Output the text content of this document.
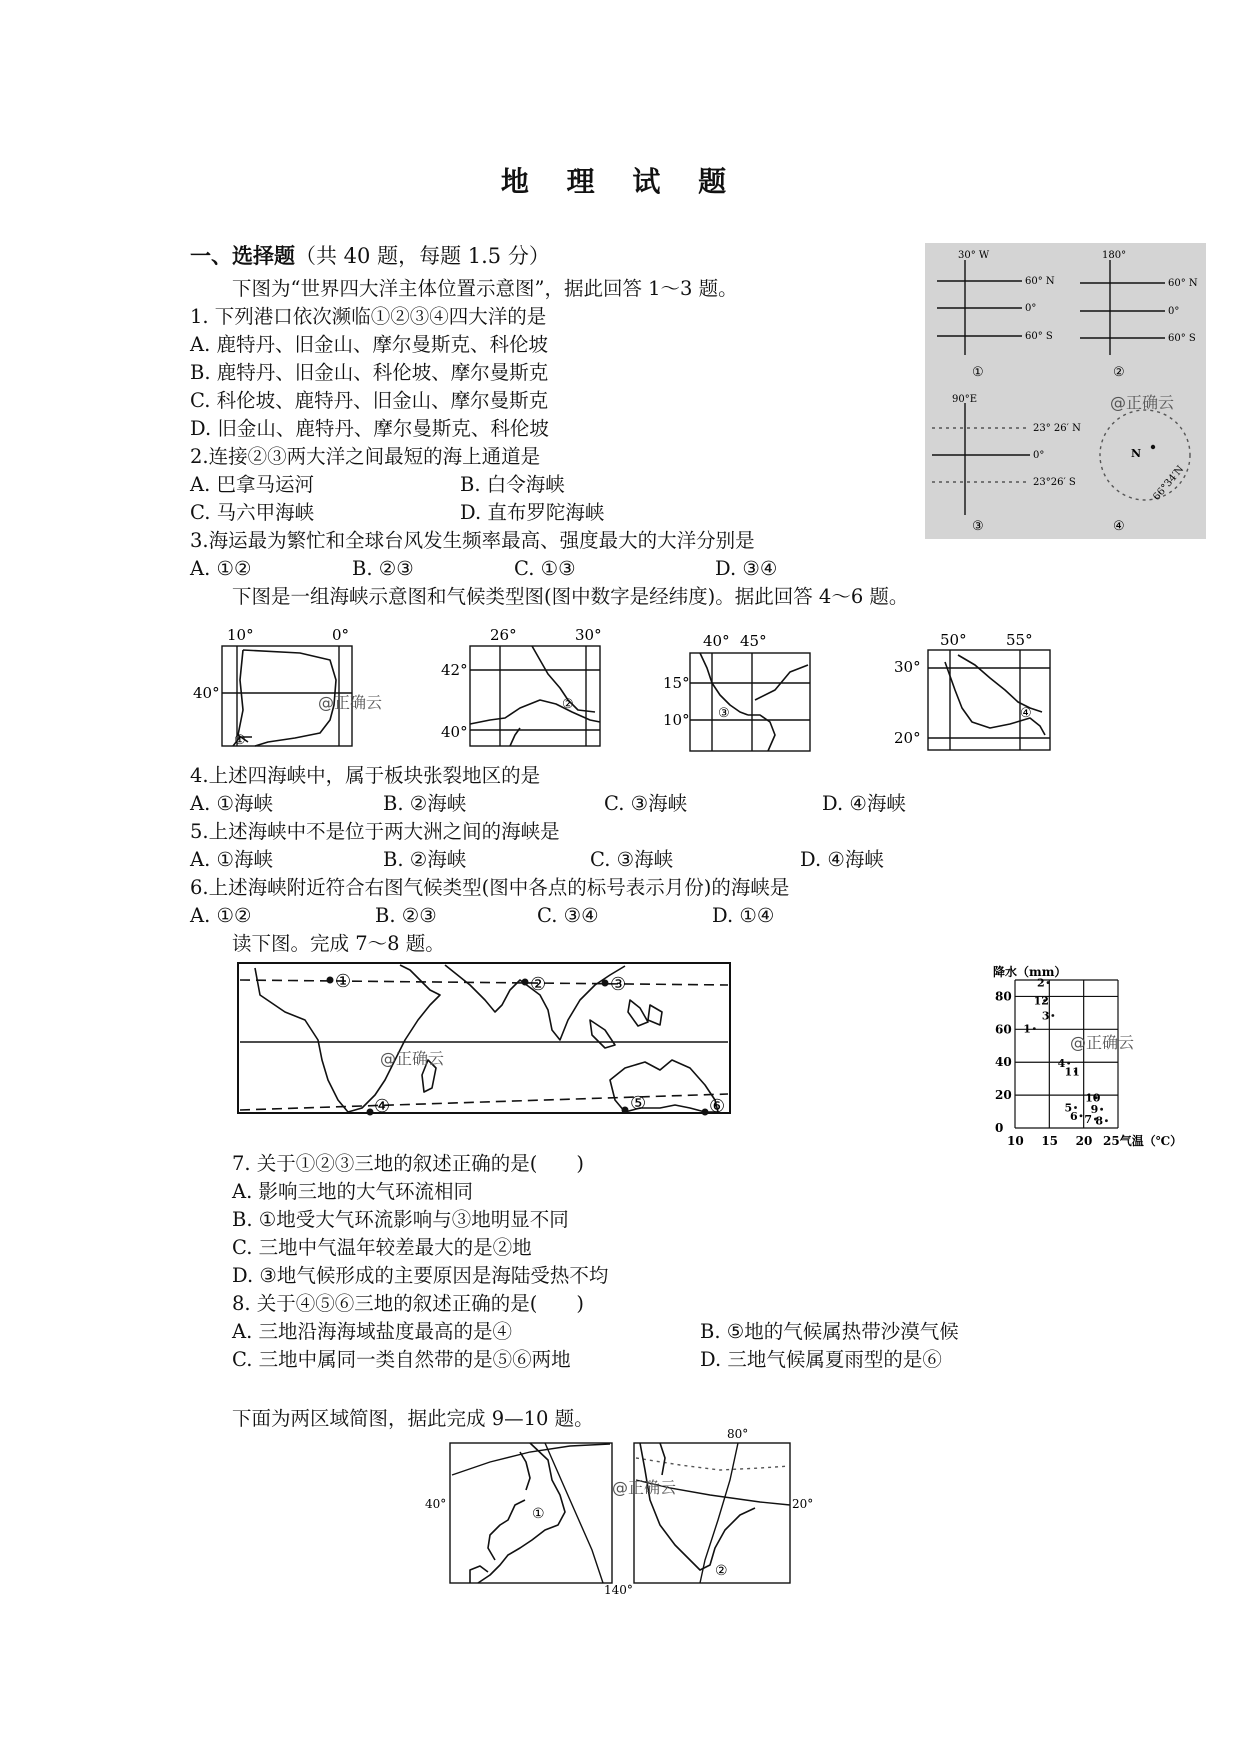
地 理 试 题
一、选择题（共 40 题，每题 1.5 分）
下图为“世界四大洋主体位置示意图”，据此回答 1～3 题。
1. 下列港口依次濒临①②③④四大洋的是
A. 鹿特丹、旧金山、摩尔曼斯克、科伦坡
B. 鹿特丹、旧金山、科伦坡、摩尔曼斯克
C. 科伦坡、鹿特丹、旧金山、摩尔曼斯克
D. 旧金山、鹿特丹、摩尔曼斯克、科伦坡
2.连接②③两大洋之间最短的海上通道是
A. 巴拿马运河	B. 白令海峡
C. 马六甲海峡	D. 直布罗陀海峡
3.海运最为繁忙和全球台风发生频率最高、强度最大的大洋分别是
A. ①②	B. ②③	C. ①③	D. ③④
下图是一组海峡示意图和气候类型图(图中数字是经纬度)。据此回答 4～6 题。
4.上述四海峡中，属于板块张裂地区的是
A. ①海峡	B. ②海峡	C. ③海峡	D. ④海峡
5.上述海峡中不是位于两大洲之间的海峡是
A. ①海峡	B. ②海峡	C. ③海峡	D. ④海峡
6.上述海峡附近符合右图气候类型(图中各点的标号表示月份)的海峡是
A. ①②	B. ②③	C. ③④	D. ①④
读下图。完成 7～8 题。
7. 关于①②③三地的叙述正确的是(　　)
A. 影响三地的大气环流相同
B. ①地受大气环流影响与③地明显不同
C. 三地中气温年较差最大的是②地
D. ③地气候形成的主要原因是海陆受热不均
8. 关于④⑤⑥三地的叙述正确的是(　　)
A. 三地沿海海域盐度最高的是④	B. ⑤地的气候属热带沙漠气候
C. 三地中属同一类自然带的是⑤⑥两地	D. 三地气候属夏雨型的是⑥
下面为两区域简图，据此完成 9—10 题。
30° W
60° N
0°
60° S
①
180°
60° N
0°
60° S
②
90°E
23° 26′ N
0°
23°26′ S
③
N
66°34′N
④
@正确云
10°	0°
40°
①
@正确云
26°	30°
42°
40°
②
40° 45°
15°
10° ③
50°	55°
30°
20°
④
①	②	③
④	⑤	⑥
@正确云
降水（mm）
10 15 20
80
60
40
20
0
1
2
3
4
5
6 7 8
9
10
11
12
25气温（℃）
@正确云
40°
140°
①
80°
20°
②
@正确云
